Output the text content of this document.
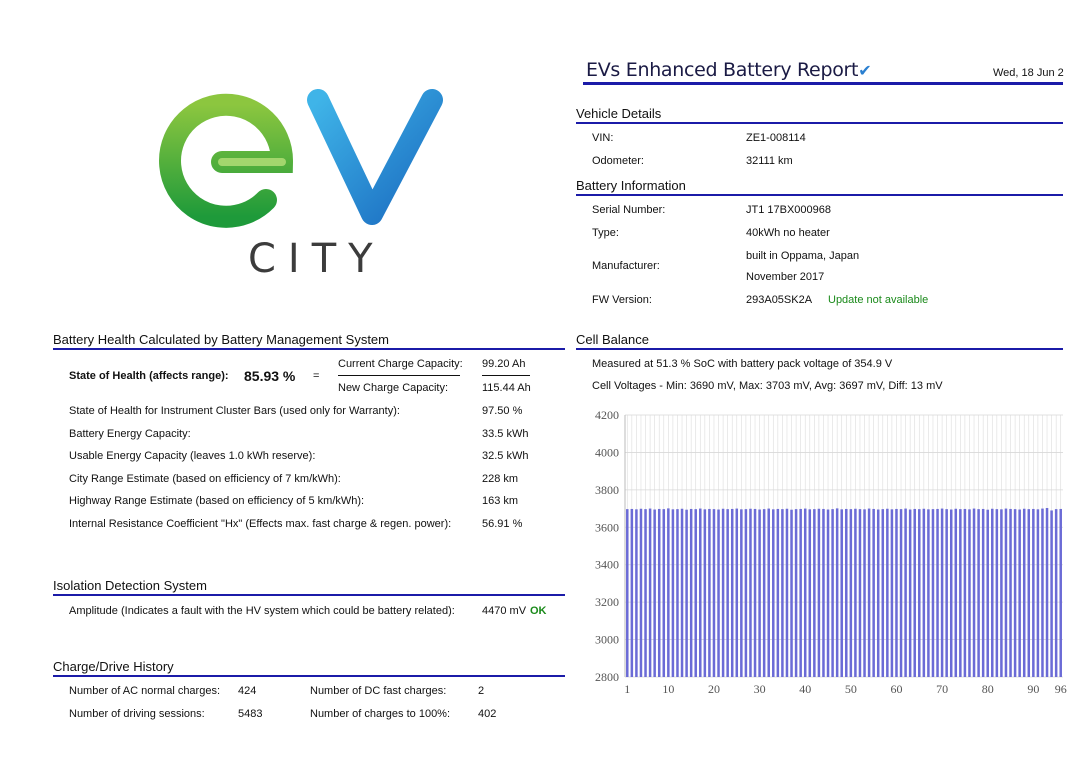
CITY
EVs Enhanced Battery Report✔	Wed, 18 Jun 2
Vehicle Details
VIN:	ZE1-008114
Odometer:	32111 km
Battery Information
Serial Number:	JT1 17BX000968
Type:	40kWh no heater
Manufacturer:
built in Oppama, Japan
November 2017
FW Version:	293A05SK2A Update not available
Battery Health Calculated by Battery Management System
State of Health (affects range): 85.93 % =
Current Charge Capacity: 99.20 Ah
New Charge Capacity:	115.44 Ah
State of Health for Instrument Cluster Bars (used only for Warranty):	97.50 %
Battery Energy Capacity:	33.5 kWh
Usable Energy Capacity (leaves 1.0 kWh reserve):	32.5 kWh
City Range Estimate (based on efficiency of 7 km/kWh):	228 km
Highway Range Estimate (based on efficiency of 5 km/kWh):	163 km
Internal Resistance Coefficient "Hx" (Effects max. fast charge & regen. power):	56.91 %
Isolation Detection System
Amplitude (Indicates a fault with the HV system which could be battery related): 4470 mV OK
Charge/Drive History
Number of AC normal charges: 424	Number of DC fast charges:	2
Number of driving sessions:	5483	Number of charges to 100%:	402
Cell Balance
Measured at 51.3 % SoC with battery pack voltage of 354.9 V
Cell Voltages - Min: 3690 mV, Max: 3703 mV, Avg: 3697 mV, Diff: 13 mV
2800
3000
3200
3400
3600
3800
4000
4200
1	10	20	30	40	50	60	70	80	90 96
